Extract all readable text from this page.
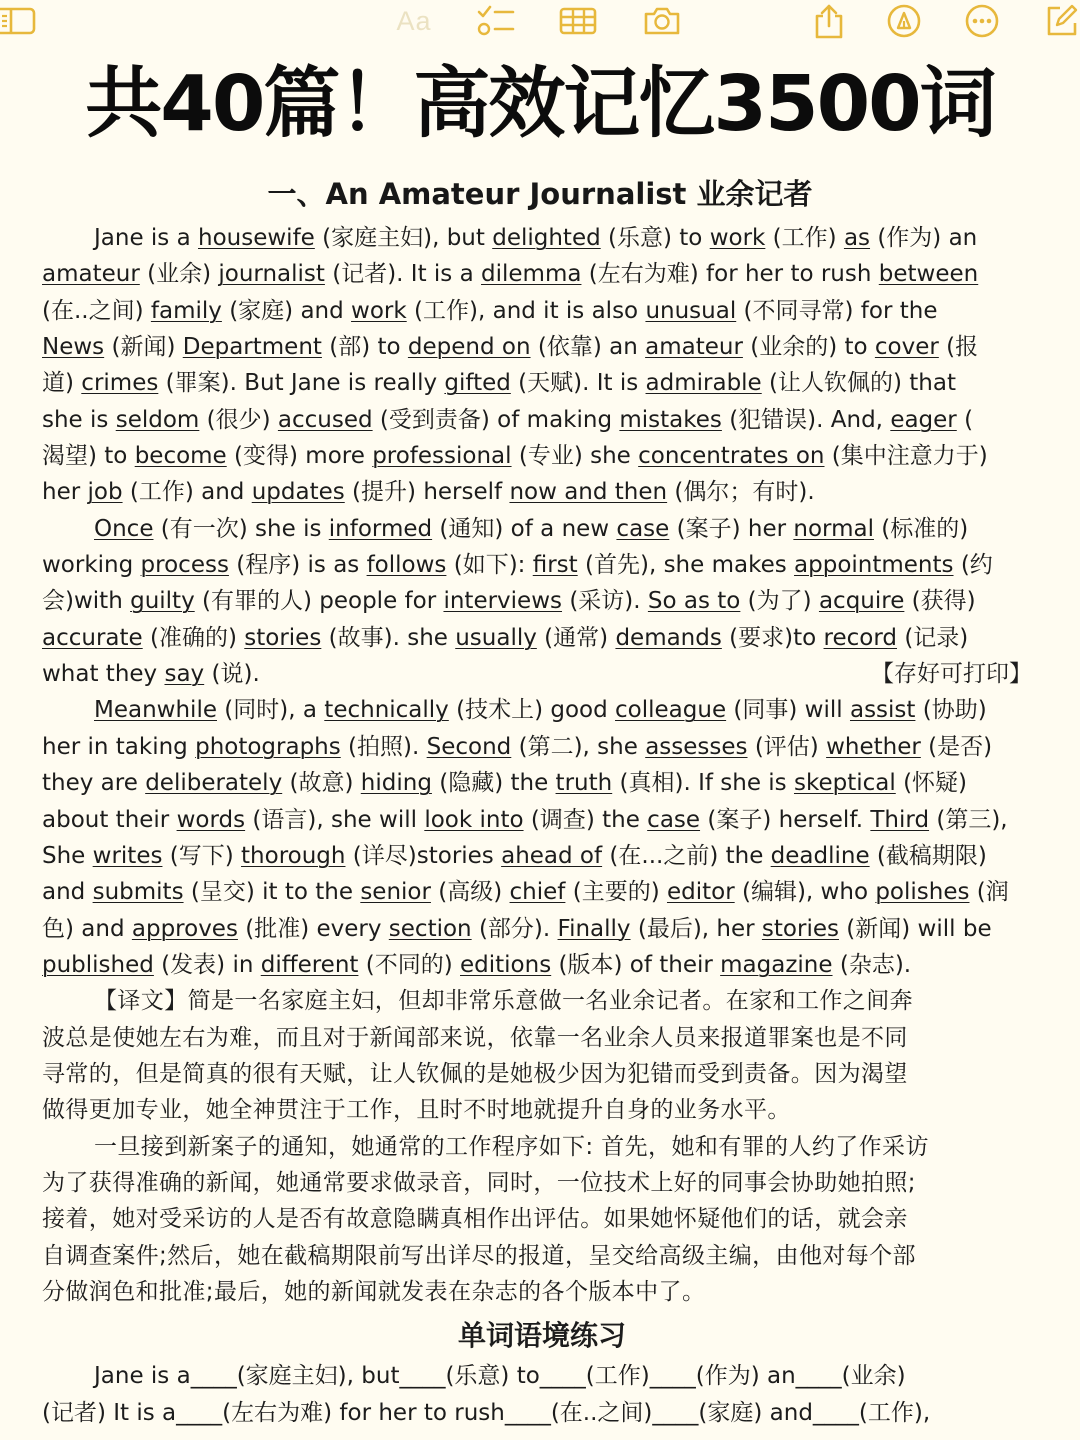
Aa
共40篇！高效记忆3500词
一、An Amateur Journalist 业余记者
Jane is a housewife (家庭主妇), but delighted (乐意) to work (工作) as (作为) an
amateur (业余) journalist (记者). It is a dilemma (左右为难) for her to rush between
(在..之间) family (家庭) and work (工作), and it is also unusual (不同寻常) for the
News (新闻) Department (部) to depend on (依靠) an amateur (业余的) to cover (报
道) crimes (罪案). But Jane is really gifted (天赋). It is admirable (让人钦佩的) that
she is seldom (很少) accused (受到责备) of making mistakes (犯错误). And, eager (
渴望) to become (变得) more professional (专业) she concentrates on (集中注意力于)
her job (工作) and updates (提升) herself now and then (偶尔；有时).
Once (有一次) she is informed (通知) of a new case (案子) her normal (标准的)
working process (程序) is as follows (如下): first (首先), she makes appointments (约
会)with guilty (有罪的人) people for interviews (采访). So as to (为了) acquire (获得)
accurate (准确的) stories (故事). she usually (通常) demands (要求)to record (记录)
what they say (说).	【存好可打印】
Meanwhile (同时), a technically (技术上) good colleague (同事) will assist (协助)
her in taking photographs (拍照). Second (第二), she assesses (评估) whether (是否)
they are deliberately (故意) hiding (隐藏) the truth (真相). If she is skeptical (怀疑)
about their words (语言), she will look into (调查) the case (案子) herself. Third (第三),
She writes (写下) thorough (详尽)stories ahead of (在...之前) the deadline (截稿期限)
and submits (呈交) it to the senior (高级) chief (主要的) editor (编辑), who polishes (润
色) and approves (批准) every section (部分). Finally (最后), her stories (新闻) will be
published (发表) in different (不同的) editions (版本) of their magazine (杂志).
【译文】简是一名家庭主妇，但却非常乐意做一名业余记者。在家和工作之间奔
波总是使她左右为难，而且对于新闻部来说，依靠一名业余人员来报道罪案也是不同
寻常的，但是简真的很有天赋，让人钦佩的是她极少因为犯错而受到责备。因为渴望
做得更加专业，她全神贯注于工作，且时不时地就提升自身的业务水平。
一旦接到新案子的通知，她通常的工作程序如下: 首先，她和有罪的人约了作采访
为了获得准确的新闻，她通常要求做录音，同时，一位技术上好的同事会协助她拍照;
接着，她对受采访的人是否有故意隐瞒真相作出评估。如果她怀疑他们的话，就会亲
自调查案件;然后，她在截稿期限前写出详尽的报道，呈交给高级主编，由他对每个部
分做润色和批准;最后，她的新闻就发表在杂志的各个版本中了。
单词语境练习
Jane is a____(家庭主妇), but____(乐意) to____(工作)____(作为) an____(业余)
(记者) It is a____(左右为难) for her to rush____(在..之间)____(家庭) and____(工作),
